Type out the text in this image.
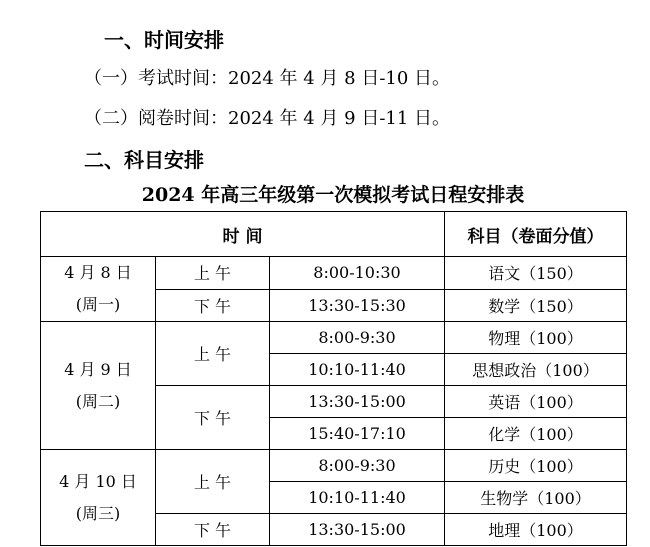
一、时间安排
（一）考试时间：2024 年 4 月 8 日-10 日。
（二）阅卷时间：2024 年 4 月 9 日-11 日。
二、科目安排
2024 年高三年级第一次模拟考试日程安排表
时 间			科目（卷面分值）

4 月 8 日
(周一)	上 午	8:00-10:30	语文（150）
	下 午	13:30-15:30	数学（150）

4 月 9 日
(周二)	上 午	8:00-9:30	物理（100）
		10:10-11:40	思想政治（100）
	下 午	13:30-15:00	英语（100）
		15:40-17:10	化学（100）

4 月 10 日
(周三)	上 午	8:00-9:30	历史（100）
		10:10-11:40	生物学（100）
	下 午	13:30-15:00	地理（100）
